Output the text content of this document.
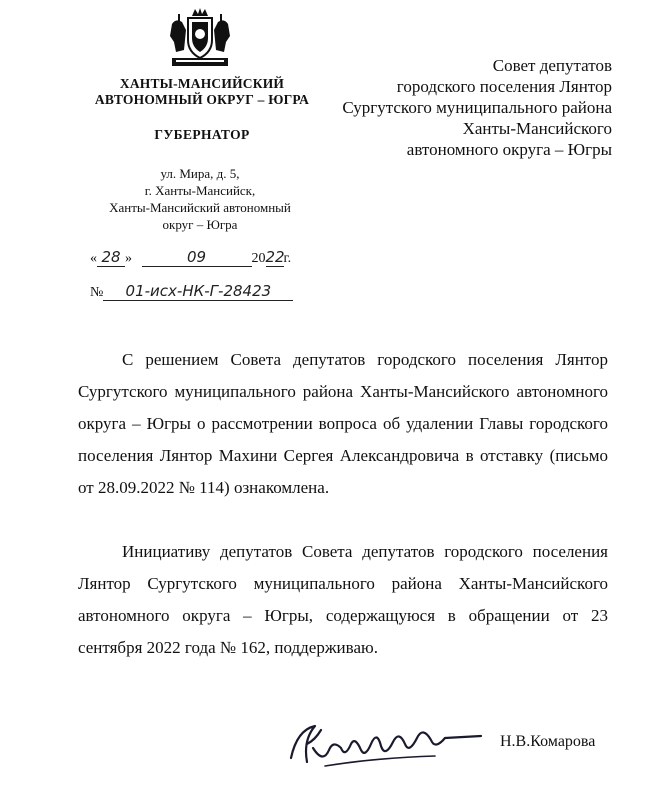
ХАНТЫ-МАНСИЙСКИЙ
АВТОНОМНЫЙ ОКРУГ – ЮГРА
ГУБЕРНАТОР
ул. Мира, д. 5,
г. Ханты-Мансийск,
Ханты-Мансийский автономный
округ – Югра
Совет депутатов
городского поселения Лянтор
Сургутского муниципального района
Ханты-Мансийского
автономного округа – Югры
« 28 »	09	2022г.
№ 01-исх-НК-Г-28423
С решением Совета депутатов городского поселения Лянтор Сургутского муниципального района Ханты-Мансийского автономного округа – Югры о рассмотрении вопроса об удалении Главы городского поселения Лянтор Махини Сергея Александровича в отставку (письмо от 28.09.2022 № 114) ознакомлена.
Инициативу депутатов Совета депутатов городского поселения Лянтор Сургутского муниципального района Ханты-Мансийского автономного округа – Югры, содержащуюся в обращении от 23 сентября 2022 года № 162, поддерживаю.
Н.В.Комарова
